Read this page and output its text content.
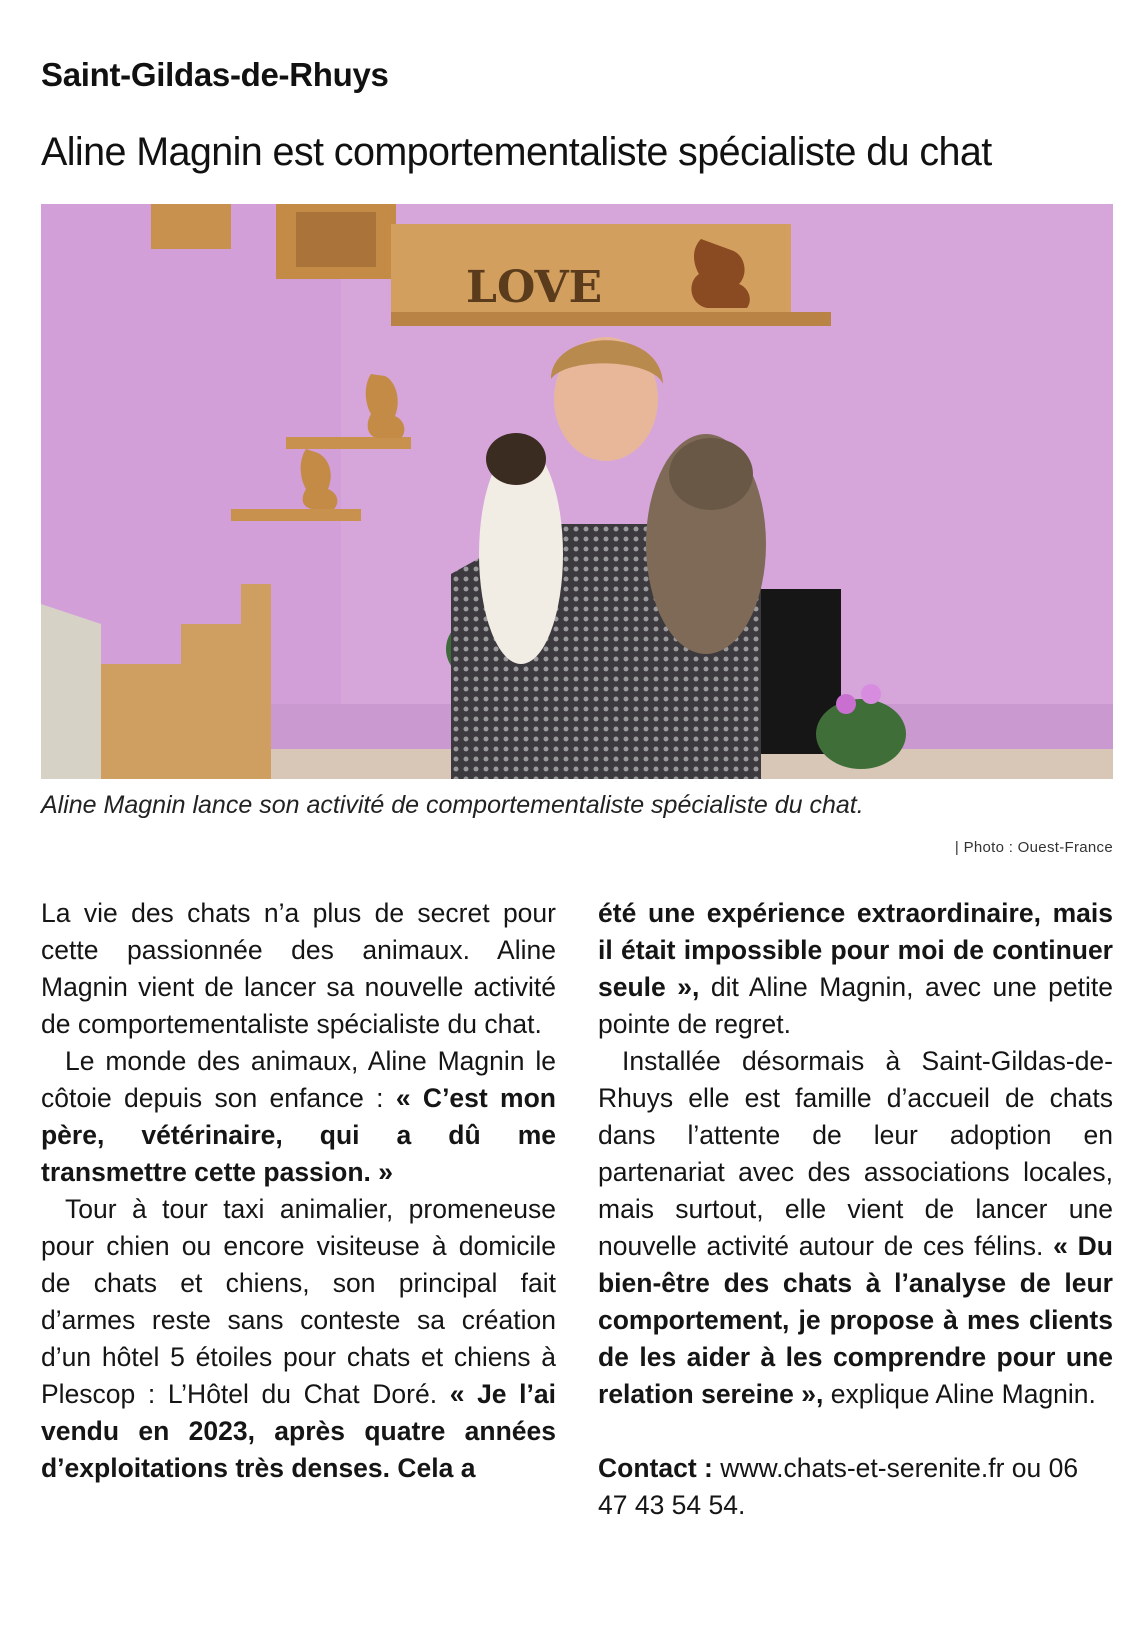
Saint-Gildas-de-Rhuys
Aline Magnin est comportementaliste spécialiste du chat
LOVE
Aline Magnin lance son activité de comportementaliste spécialiste du chat.
| Photo : Ouest-France

La vie des chats n’a plus de secret pour cette passionnée des animaux. Aline Magnin vient de lancer sa nouvelle activité de comportementaliste spécialiste du chat.

Le monde des animaux, Aline Magnin le côtoie depuis son enfance : « C’est mon père, vétérinaire, qui a dû me transmettre cette passion. »

Tour à tour taxi animalier, promeneuse pour chien ou encore visiteuse à domicile de chats et chiens, son principal fait d’armes reste sans conteste sa création d’un hôtel 5 étoiles pour chats et chiens à Plescop : L’Hôtel du Chat Doré. « Je l’ai vendu en 2023, après quatre années d’exploitations très denses. Cela a

été une expérience extraordinaire, mais il était impossible pour moi de continuer seule », dit Aline Magnin, avec une petite pointe de regret.

Installée désormais à Saint-Gildas-de-Rhuys elle est famille d’accueil de chats dans l’attente de leur adoption en partenariat avec des associations locales, mais surtout, elle vient de lancer une nouvelle activité autour de ces félins. « Du bien-être des chats à l’analyse de leur comportement, je propose à mes clients de les aider à les comprendre pour une relation sereine », explique Aline Magnin.

Contact : www.chats-et-serenite.fr ou 06 47 43 54 54.
